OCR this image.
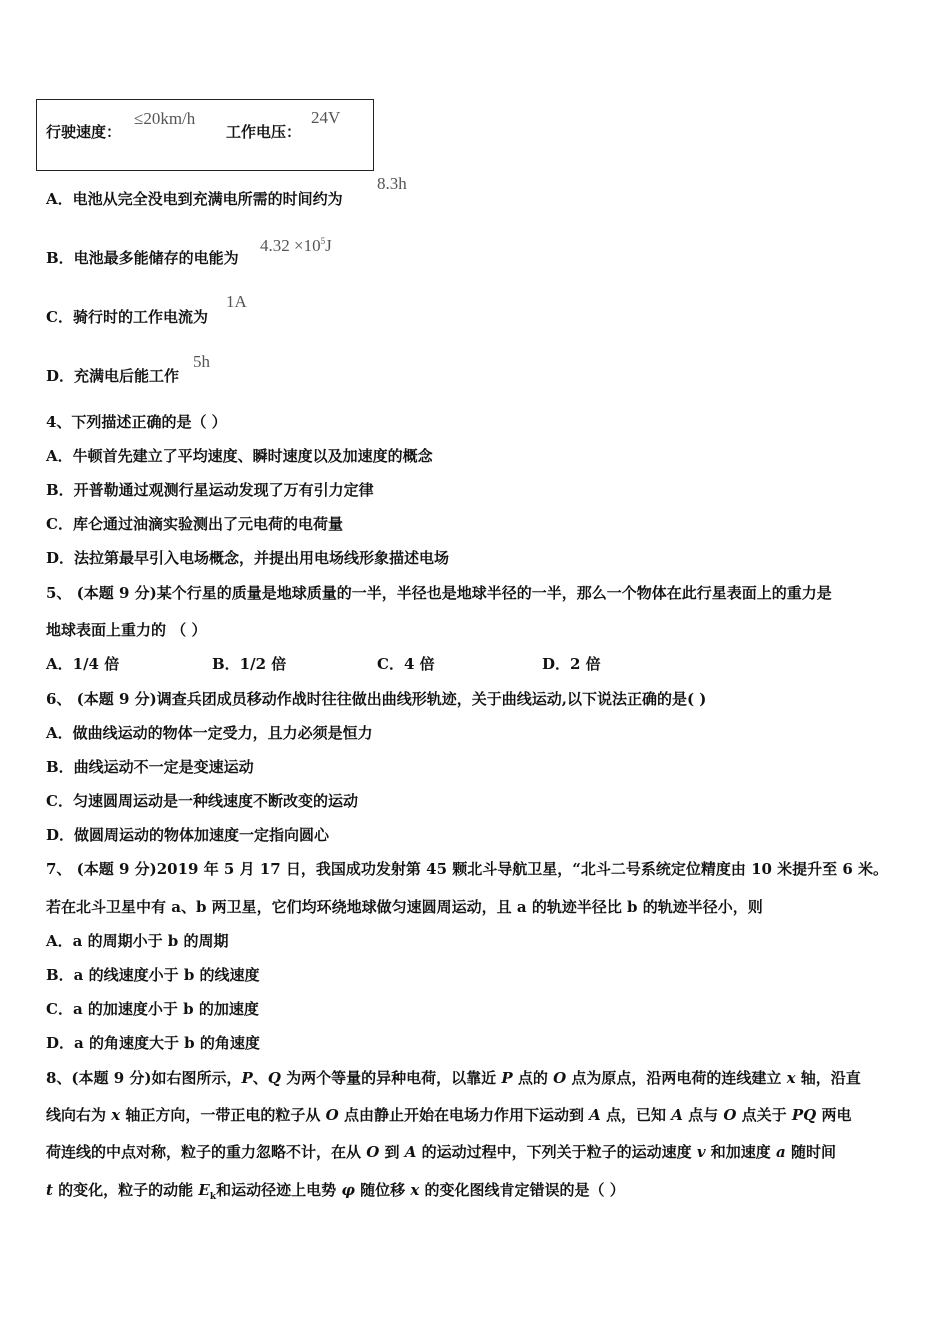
行驶速度：
≤20km/h
工作电压：
24V
A．电池从完全没电到充满电所需的时间约为
8.3h
B．电池最多能储存的电能为
$4.32 \times 10^5J$
C．骑行时的工作电流为
1A
D．充满电后能工作
5h
4、下列描述正确的是（ ）
A．牛顿首先建立了平均速度、瞬时速度以及加速度的概念
B．开普勒通过观测行星运动发现了万有引力定律
C．库仑通过油滴实验测出了元电荷的电荷量
D．法拉第最早引入电场概念，并提出用电场线形象描述电场
5、 (本题 9 分)某个行星的质量是地球质量的一半，半径也是地球半径的一半，那么一个物体在此行星表面上的重力是
地球表面上重力的 （ ）
A．1/4 倍	B．1/2 倍	C．4 倍	D．2 倍
6、 (本题 9 分)调查兵团成员移动作战时往往做出曲线形轨迹，关于曲线运动,以下说法正确的是( )
A．做曲线运动的物体一定受力，且力必须是恒力
B．曲线运动不一定是变速运动
C．匀速圆周运动是一种线速度不断改变的运动
D．做圆周运动的物体加速度一定指向圆心
7、 (本题 9 分)2019 年 5 月 17 日，我国成功发射第 45 颗北斗导航卫星，“北斗二号系统定位精度由 10 米提升至 6 米。
若在北斗卫星中有 a、b 两卫星，它们均环绕地球做匀速圆周运动，且 a 的轨迹半径比 b 的轨迹半径小，则
A．a 的周期小于 b 的周期
B．a 的线速度小于 b 的线速度
C．a 的加速度小于 b 的加速度
D．a 的角速度大于 b 的角速度
8、(本题 9 分)如右图所示，P、Q 为两个等量的异种电荷，以靠近 P 点的 O 点为原点，沿两电荷的连线建立 x 轴，沿直
线向右为 x 轴正方向，一带正电的粒子从 O 点由静止开始在电场力作用下运动到 A 点，已知 A 点与 O 点关于 PQ 两电
荷连线的中点对称，粒子的重力忽略不计，在从 O 到 A 的运动过程中，下列关于粒子的运动速度 v 和加速度 a 随时间
t 的变化，粒子的动能 $E_k$和运动径迹上电势 φ 随位移 x 的变化图线肯定错误的是（ ）
